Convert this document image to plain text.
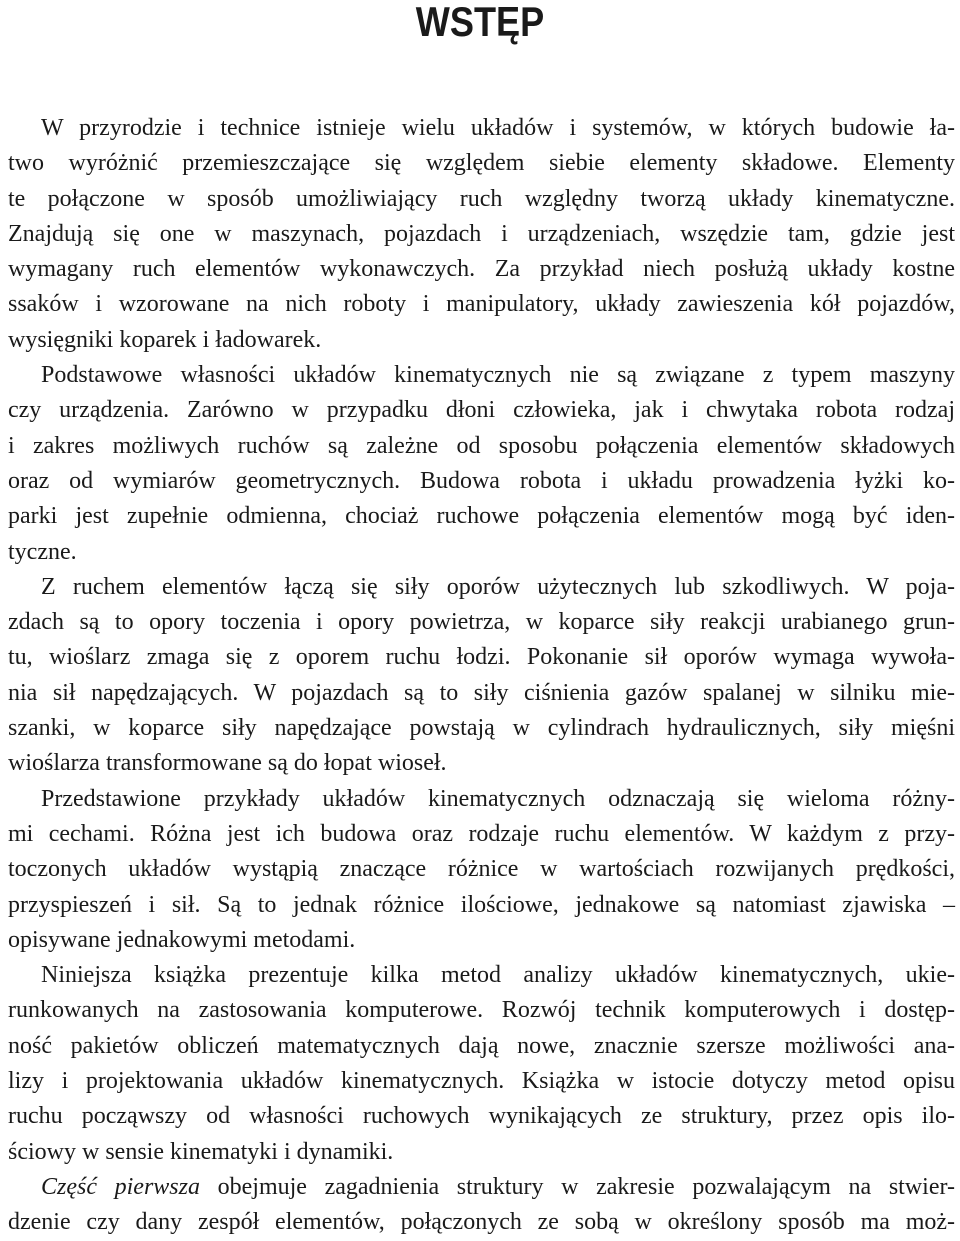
WSTĘP
W przyrodzie i technice istnieje wielu układów i systemów, w których budowie ła-
two wyróżnić przemieszczające się względem siebie elementy składowe. Elementy
te połączone w sposób umożliwiający ruch względny tworzą układy kinematyczne.
Znajdują się one w maszynach, pojazdach i urządzeniach, wszędzie tam, gdzie jest
wymagany ruch elementów wykonawczych. Za przykład niech posłużą układy kostne
ssaków i wzorowane na nich roboty i manipulatory, układy zawieszenia kół pojazdów,
wysięgniki koparek i ładowarek.
Podstawowe własności układów kinematycznych nie są związane z typem maszyny
czy urządzenia. Zarówno w przypadku dłoni człowieka, jak i chwytaka robota rodzaj
i zakres możliwych ruchów są zależne od sposobu połączenia elementów składowych
oraz od wymiarów geometrycznych. Budowa robota i układu prowadzenia łyżki ko-
parki jest zupełnie odmienna, chociaż ruchowe połączenia elementów mogą być iden-
tyczne.
Z ruchem elementów łączą się siły oporów użytecznych lub szkodliwych. W poja-
zdach są to opory toczenia i opory powietrza, w koparce siły reakcji urabianego grun-
tu, wioślarz zmaga się z oporem ruchu łodzi. Pokonanie sił oporów wymaga wywoła-
nia sił napędzających. W pojazdach są to siły ciśnienia gazów spalanej w silniku mie-
szanki, w koparce siły napędzające powstają w cylindrach hydraulicznych, siły mięśni
wioślarza transformowane są do łopat wioseł.
Przedstawione przykłady układów kinematycznych odznaczają się wieloma różny-
mi cechami. Różna jest ich budowa oraz rodzaje ruchu elementów. W każdym z przy-
toczonych układów wystąpią znaczące różnice w wartościach rozwijanych prędkości,
przyspieszeń i sił. Są to jednak różnice ilościowe, jednakowe są natomiast zjawiska –
opisywane jednakowymi metodami.
Niniejsza książka prezentuje kilka metod analizy układów kinematycznych, ukie-
runkowanych na zastosowania komputerowe. Rozwój technik komputerowych i dostęp-
ność pakietów obliczeń matematycznych dają nowe, znacznie szersze możliwości ana-
lizy i projektowania układów kinematycznych. Książka w istocie dotyczy metod opisu
ruchu począwszy od własności ruchowych wynikających ze struktury, przez opis ilo-
ściowy w sensie kinematyki i dynamiki.
Część pierwsza obejmuje zagadnienia struktury w zakresie pozwalającym na stwier-
dzenie czy dany zespół elementów, połączonych ze sobą w określony sposób ma moż-
